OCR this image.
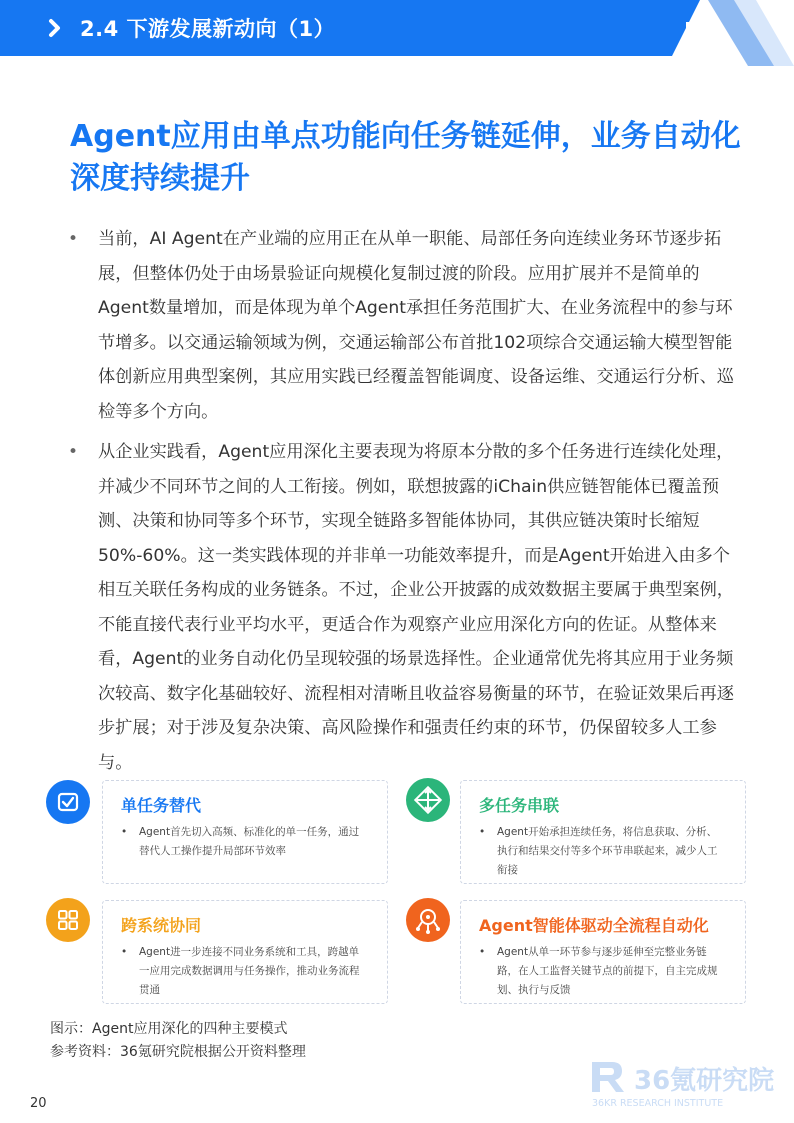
2.4 下游发展新动向（1）
Agent应用由单点功能向任务链延伸，业务自动化深度持续提升
• 当前，AI Agent在产业端的应用正在从单一职能、局部任务向连续业务环节逐步拓展，但整体仍处于由场景验证向规模化复制过渡的阶段。应用扩展并不是简单的Agent数量增加，而是体现为单个Agent承担任务范围扩大、在业务流程中的参与环节增多。以交通运输领域为例，交通运输部公布首批102项综合交通运输大模型智能体创新应用典型案例，其应用实践已经覆盖智能调度、设备运维、交通运行分析、巡检等多个方向。
• 从企业实践看，Agent应用深化主要表现为将原本分散的多个任务进行连续化处理，并减少不同环节之间的人工衔接。例如，联想披露的iChain供应链智能体已覆盖预测、决策和协同等多个环节，实现全链路多智能体协同，其供应链决策时长缩短50%-60%。这一类实践体现的并非单一功能效率提升，而是Agent开始进入由多个相互关联任务构成的业务链条。不过，企业公开披露的成效数据主要属于典型案例，不能直接代表行业平均水平，更适合作为观察产业应用深化方向的佐证。从整体来看，Agent的业务自动化仍呈现较强的场景选择性。企业通常优先将其应用于业务频次较高、数字化基础较好、流程相对清晰且收益容易衡量的环节，在验证效果后再逐步扩展；对于涉及复杂决策、高风险操作和强责任约束的环节，仍保留较多人工参与。
单任务替代
•	Agent首先切入高频、标准化的单一任务，通过替代人工操作提升局部环节效率
多任务串联
•	Agent开始承担连续任务，将信息获取、分析、执行和结果交付等多个环节串联起来，减少人工衔接
跨系统协同
•	Agent进一步连接不同业务系统和工具，跨越单一应用完成数据调用与任务操作，推动业务流程贯通
Agent智能体驱动全流程自动化
•	Agent从单一环节参与逐步延伸至完整业务链路，在人工监督关键节点的前提下，自主完成规划、执行与反馈
图示：Agent应用深化的四种主要模式
参考资料：36氪研究院根据公开资料整理
36氪研究院
36KR RESEARCH INSTITUTE
20
